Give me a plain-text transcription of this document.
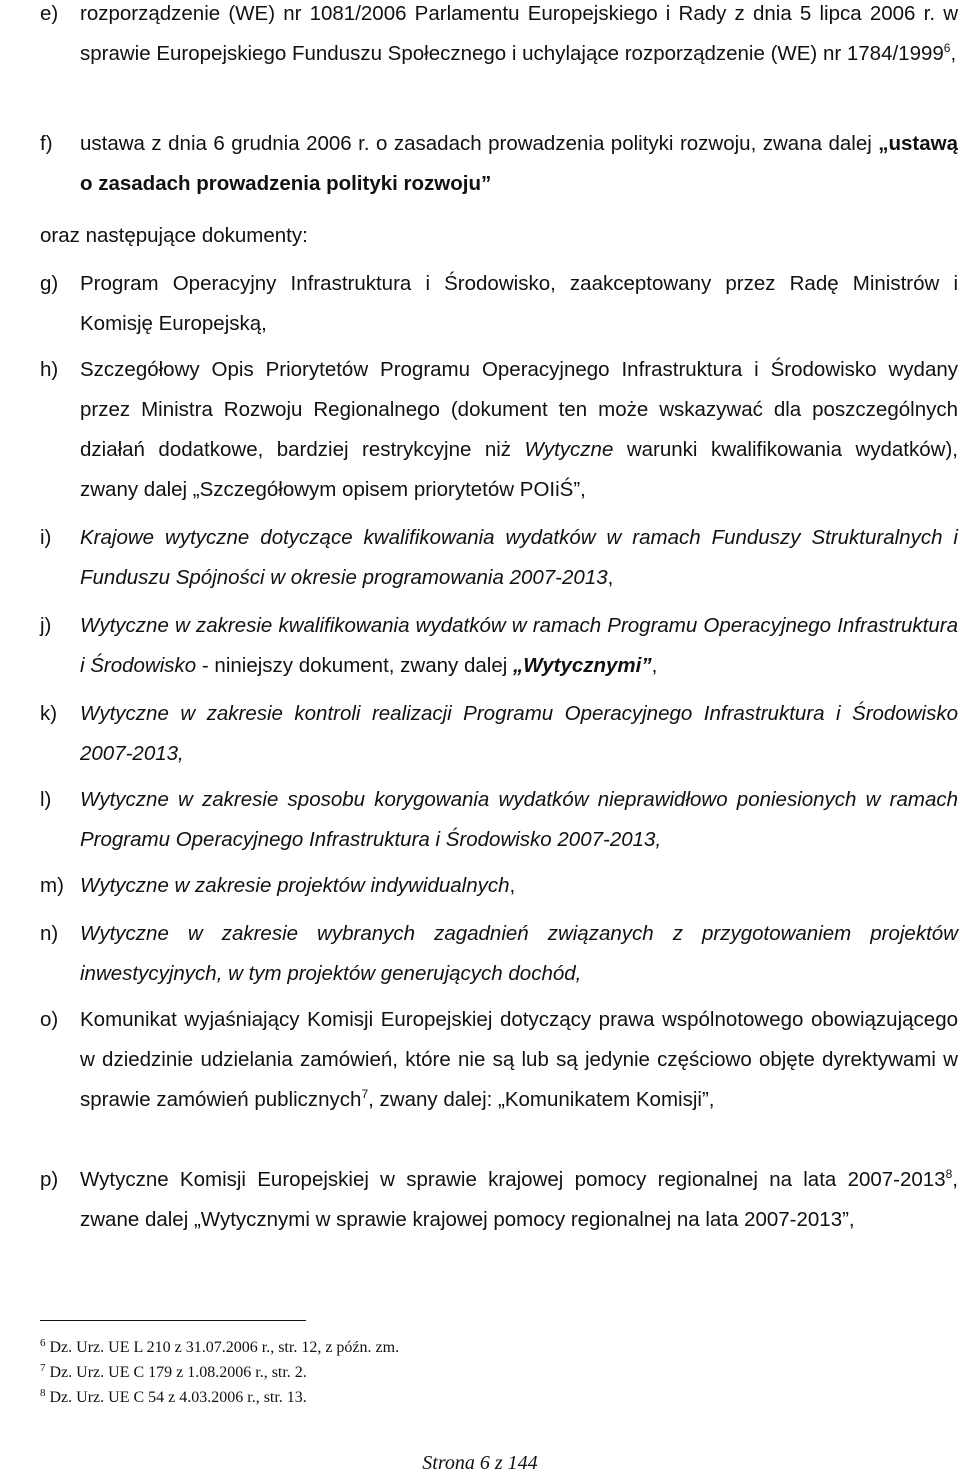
e) rozporządzenie (WE) nr 1081/2006 Parlamentu Europejskiego i Rady z dnia 5 lipca 2006 r. w sprawie Europejskiego Funduszu Społecznego i uchylające rozporządzenie (WE) nr 1784/1999$^6$,
f) ustawa z dnia 6 grudnia 2006 r. o zasadach prowadzenia polityki rozwoju, zwana dalej „ustawą o zasadach prowadzenia polityki rozwoju”
oraz następujące dokumenty:
g) Program Operacyjny Infrastruktura i Środowisko, zaakceptowany przez Radę Ministrów i Komisję Europejską,
h) Szczegółowy Opis Priorytetów Programu Operacyjnego Infrastruktura i Środowisko wydany przez Ministra Rozwoju Regionalnego (dokument ten może wskazywać dla poszczególnych działań dodatkowe, bardziej restrykcyjne niż Wytyczne warunki kwalifikowania wydatków), zwany dalej „Szczegółowym opisem priorytetów POIiŚ”,
i) Krajowe wytyczne dotyczące kwalifikowania wydatków w ramach Funduszy Strukturalnych i Funduszu Spójności w okresie programowania 2007-2013,
j) Wytyczne w zakresie kwalifikowania wydatków w ramach Programu Operacyjnego Infrastruktura i Środowisko - niniejszy dokument, zwany dalej „Wytycznymi”,
k) Wytyczne w zakresie kontroli realizacji Programu Operacyjnego Infrastruktura i Środowisko 2007-2013,
l) Wytyczne w zakresie sposobu korygowania wydatków nieprawidłowo poniesionych w ramach Programu Operacyjnego Infrastruktura i Środowisko 2007-2013,
m) Wytyczne w zakresie projektów indywidualnych,
n) Wytyczne w zakresie wybranych zagadnień związanych z przygotowaniem projektów inwestycyjnych, w tym projektów generujących dochód,
o) Komunikat wyjaśniający Komisji Europejskiej dotyczący prawa wspólnotowego obowiązującego w dziedzinie udzielania zamówień, które nie są lub są jedynie częściowo objęte dyrektywami w sprawie zamówień publicznych$^7$, zwany dalej: „Komunikatem Komisji”,
p) Wytyczne Komisji Europejskiej w sprawie krajowej pomocy regionalnej na lata 2007-2013$^8$, zwane dalej „Wytycznymi w sprawie krajowej pomocy regionalnej na lata 2007-2013”,
$^6$ Dz. Urz. UE L 210 z 31.07.2006 r., str. 12, z późn. zm.
$^7$ Dz. Urz. UE C 179 z 1.08.2006 r., str. 2.
$^8$ Dz. Urz. UE C 54 z 4.03.2006 r., str. 13.
Strona 6 z 144
